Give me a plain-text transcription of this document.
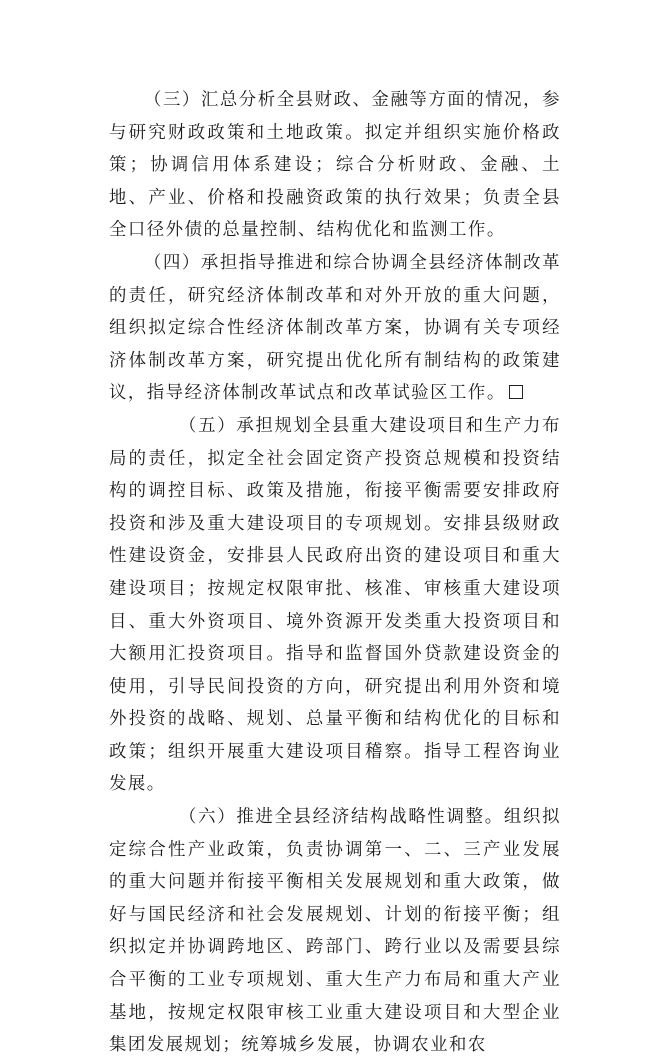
（三）汇总分析全县财政、金融等方面的情况，参与研究财政政策和土地政策。拟定并组织实施价格政策；协调信用体系建设；综合分析财政、金融、土地、产业、价格和投融资政策的执行效果；负责全县全口径外债的总量控制、结构优化和监测工作。

（四）承担指导推进和综合协调全县经济体制改革的责任，研究经济体制改革和对外开放的重大问题，组织拟定综合性经济体制改革方案，协调有关专项经济体制改革方案，研究提出优化所有制结构的政策建议，指导经济体制改革试点和改革试验区工作。

（五）承担规划全县重大建设项目和生产力布局的责任，拟定全社会固定资产投资总规模和投资结构的调控目标、政策及措施，衔接平衡需要安排政府投资和涉及重大建设项目的专项规划。安排县级财政性建设资金，安排县人民政府出资的建设项目和重大建设项目；按规定权限审批、核准、审核重大建设项目、重大外资项目、境外资源开发类重大投资项目和大额用汇投资项目。指导和监督国外贷款建设资金的使用，引导民间投资的方向，研究提出利用外资和境外投资的战略、规划、总量平衡和结构优化的目标和政策；组织开展重大建设项目稽察。指导工程咨询业发展。

（六）推进全县经济结构战略性调整。组织拟定综合性产业政策，负责协调第一、二、三产业发展的重大问题并衔接平衡相关发展规划和重大政策，做好与国民经济和社会发展规划、计划的衔接平衡；组织拟定并协调跨地区、跨部门、跨行业以及需要县综合平衡的工业专项规划、重大生产力布局和重大产业基地，按规定权限审核工业重大建设项目和大型企业集团发展规划；统筹城乡发展，协调农业和农
